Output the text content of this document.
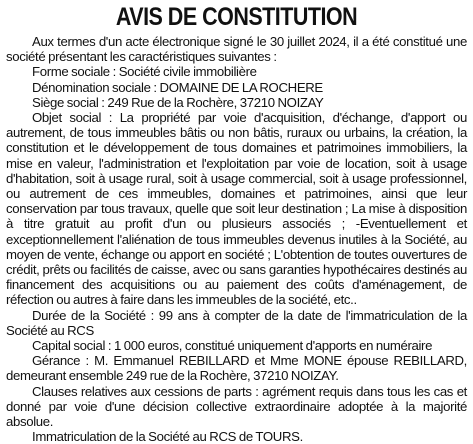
AVIS DE CONSTITUTION

Aux termes d'un acte électronique signé le 30 juillet 2024, il a été constitué une société présentant les caractéristiques suivantes :

Forme sociale : Société civile immobilière

Dénomination sociale : DOMAINE DE LA ROCHERE

Siège social : 249 Rue de la Rochère, 37210 NOIZAY

Objet social : La propriété par voie d'acquisition, d'échange, d'apport ou autrement, de tous immeubles bâtis ou non bâtis, ruraux ou urbains, la création, la constitution et le développement de tous domaines et patrimoines immobiliers, la mise en valeur, l'administration et l'exploitation par voie de location, soit à usage d'habitation, soit à usage rural, soit à usage commercial, soit à usage professionnel, ou autrement de ces immeubles, domaines et patrimoines, ainsi que leur conservation par tous travaux, quelle que soit leur destination ; La mise à disposition à titre gratuit au profit d'un ou plusieurs associés ; -Eventuellement et exceptionnellement l'aliénation de tous immeubles devenus inutiles à la Société, au moyen de vente, échange ou apport en société ; L'obtention de toutes ouvertures de crédit, prêts ou facilités de caisse, avec ou sans garanties hypothécaires destinés au financement des acquisitions ou au paiement des coûts d'aménagement, de réfection ou autres à faire dans les immeubles de la société, etc..

Durée de la Société : 99 ans à compter de la date de l'immatriculation de la Société au RCS

Capital social : 1 000 euros, constitué uniquement d'apports en numéraire

Gérance : M. Emmanuel REBILLARD et Mme MONE épouse REBILLARD, demeurant ensemble 249 rue de la Rochère, 37210 NOIZAY.

Clauses relatives aux cessions de parts : agrément requis dans tous les cas et donné par voie d'une décision collective extraordinaire adoptée à la majorité absolue.

Immatriculation de la Société au RCS de TOURS.
